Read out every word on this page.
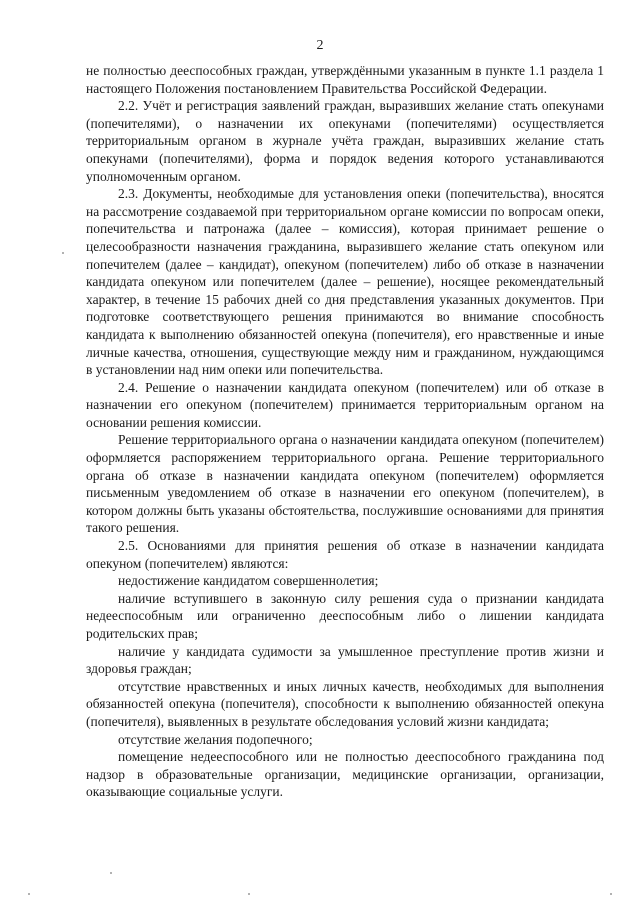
2

не полностью дееспособных граждан, утверждёнными указанным в пункте 1.1 раздела 1 настоящего Положения постановлением Правительства Российской Федерации.

2.2. Учёт и регистрация заявлений граждан, выразивших желание стать опекунами (попечителями), о назначении их опекунами (попечителями) осуществляется территориальным органом в журнале учёта граждан, выразивших желание стать опекунами (попечителями), форма и порядок ведения которого устанавливаются уполномоченным органом.

2.3. Документы, необходимые для установления опеки (попечительства), вносятся на рассмотрение создаваемой при территориальном органе комиссии по вопросам опеки, попечительства и патронажа (далее – комиссия), которая принимает решение о целесообразности назначения гражданина, выразившего желание стать опекуном или попечителем (далее – кандидат), опекуном (попечителем) либо об отказе в назначении кандидата опекуном или попечителем (далее – решение), носящее рекомендательный характер, в течение 15 рабочих дней со дня представления указанных документов. При подготовке соответствующего решения принимаются во внимание способность кандидата к выполнению обязанностей опекуна (попечителя), его нравственные и иные личные качества, отношения, существующие между ним и гражданином, нуждающимся в установлении над ним опеки или попечительства.

2.4. Решение о назначении кандидата опекуном (попечителем) или об отказе в назначении его опекуном (попечителем) принимается территориальным органом на основании решения комиссии.

Решение территориального органа о назначении кандидата опекуном (попечителем) оформляется распоряжением территориального органа. Решение территориального органа об отказе в назначении кандидата опекуном (попечителем) оформляется письменным уведомлением об отказе в назначении его опекуном (попечителем), в котором должны быть указаны обстоятельства, послужившие основаниями для принятия такого решения.

2.5. Основаниями для принятия решения об отказе в назначении кандидата опекуном (попечителем) являются:

недостижение кандидатом совершеннолетия;

наличие вступившего в законную силу решения суда о признании кандидата недееспособным или ограниченно дееспособным либо о лишении кандидата родительских прав;

наличие у кандидата судимости за умышленное преступление против жизни и здоровья граждан;

отсутствие нравственных и иных личных качеств, необходимых для выполнения обязанностей опекуна (попечителя), способности к выполнению обязанностей опекуна (попечителя), выявленных в результате обследования условий жизни кандидата;

отсутствие желания подопечного;

помещение недееспособного или не полностью дееспособного гражданина под надзор в образовательные организации, медицинские организации, организации, оказывающие социальные услуги.
